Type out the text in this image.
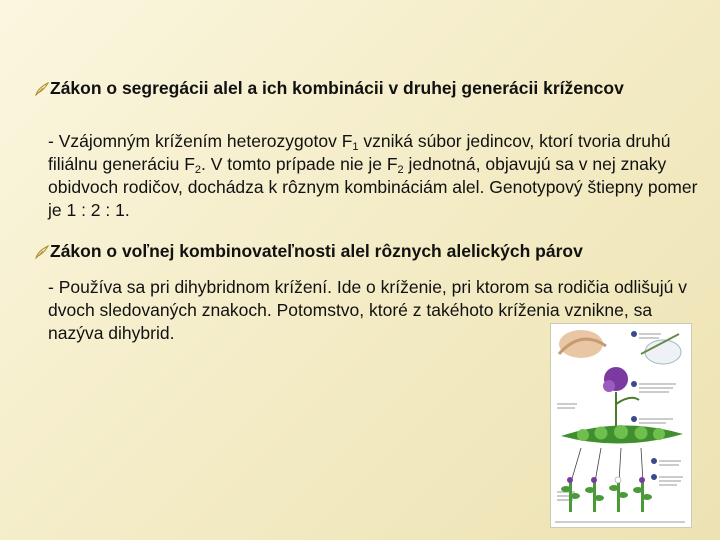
Zákon o segregácii alel a ich kombinácii v druhej generácii krížencov
- Vzájomným krížením heterozygotov $F_1$ vzniká súbor jedincov, ktorí tvoria druhú filiálnu generáciu $F_2$. V tomto prípade nie je $F_2$ jednotná, objavujú sa v nej znaky obidvoch rodičov, dochádza k rôznym kombináciám alel. Genotypový štiepny pomer je 1 : 2 : 1.
Zákon o voľnej kombinovateľnosti alel rôznych alelických párov
- Používa sa pri dihybridnom krížení. Ide o kríženie, pri ktorom sa rodičia odlišujú v dvoch sledovaných znakoch. Potomstvo, ktoré z takéhoto kríženia vznikne, sa nazýva dihybrid.
